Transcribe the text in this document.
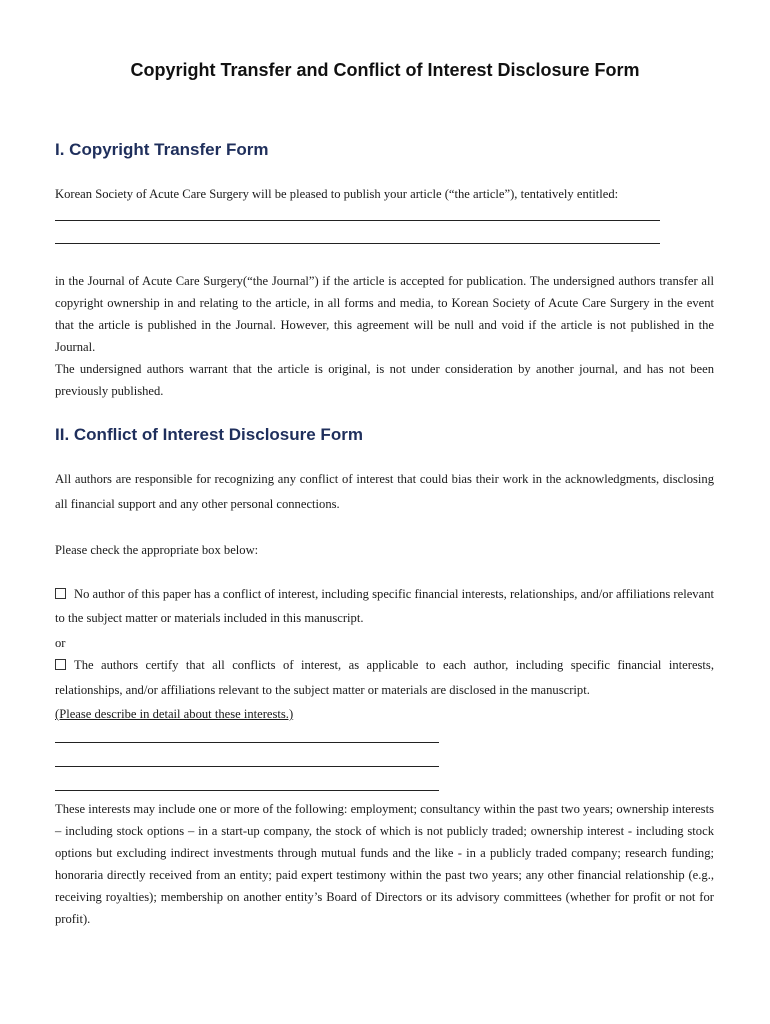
Copyright Transfer and Conflict of Interest Disclosure Form
I. Copyright Transfer Form

Korean Society of Acute Care Surgery will be pleased to publish your article (“the article”), tentatively entitled:

in the Journal of Acute Care Surgery(“the Journal”) if the article is accepted for publication. The undersigned authors transfer all copyright ownership in and relating to the article, in all forms and media, to Korean Society of Acute Care Surgery in the event that the article is published in the Journal. However, this agreement will be null and void if the article is not published in the Journal.

The undersigned authors warrant that the article is original, is not under consideration by another journal, and has not been previously published.

II. Conflict of Interest Disclosure Form

All authors are responsible for recognizing any conflict of interest that could bias their work in the acknowledgments, disclosing all financial support and any other personal connections.

Please check the appropriate box below:

No author of this paper has a conflict of interest, including specific financial interests, relationships, and/or affiliations relevant to the subject matter or materials included in this manuscript.

or

The authors certify that all conflicts of interest, as applicable to each author, including specific financial interests, relationships, and/or affiliations relevant to the subject matter or materials are disclosed in the manuscript.

(Please describe in detail about these interests.)

These interests may include one or more of the following: employment; consultancy within the past two years; ownership interests – including stock options – in a start-up company, the stock of which is not publicly traded; ownership interest - including stock options but excluding indirect investments through mutual funds and the like - in a publicly traded company; research funding; honoraria directly received from an entity; paid expert testimony within the past two years; any other financial relationship (e.g., receiving royalties); membership on another entity’s Board of Directors or its advisory committees (whether for profit or not for profit).
